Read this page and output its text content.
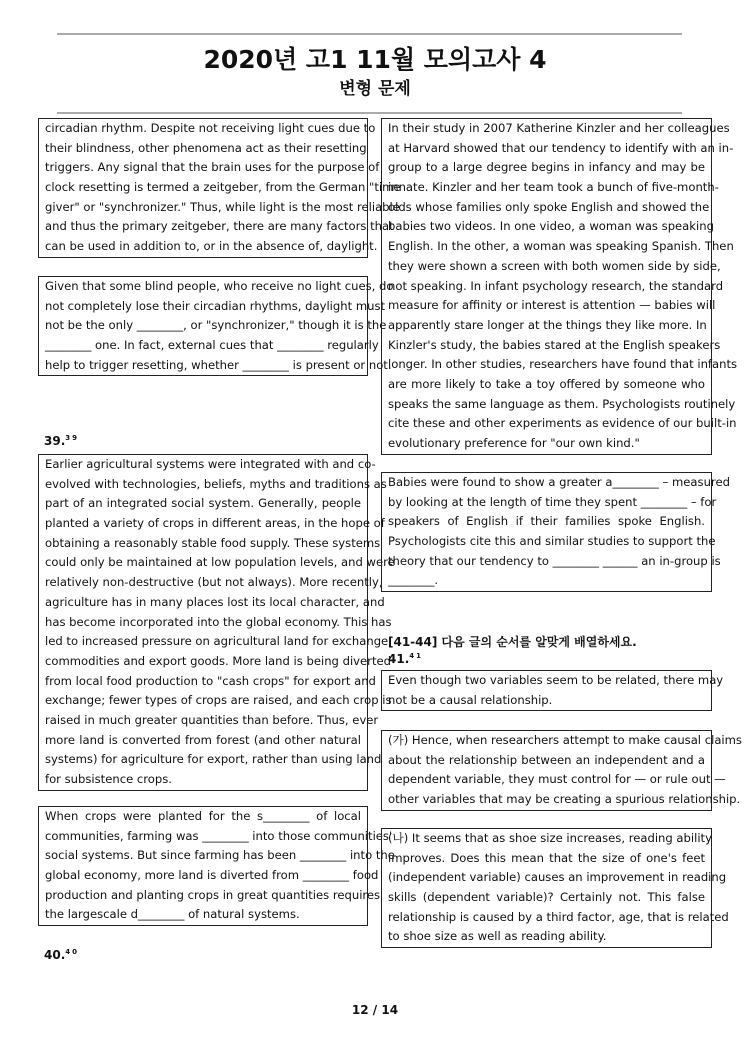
2020년 고1 11월 모의고사 4
변형 문제
circadian rhythm. Despite not receiving light cues due to
their blindness, other phenomena act as their resetting
triggers. Any signal that the brain uses for the purpose of
clock resetting is termed a zeitgeber, from the German "time
giver" or "synchronizer." Thus, while light is the most reliable
and thus the primary zeitgeber, there are many factors that
can be used in addition to, or in the absence of, daylight.
Given that some blind people, who receive no light cues, do
not completely lose their circadian rhythms, daylight must
not be the only ________, or "synchronizer," though it is the
________ one. In fact, external cues that ________ regularly
help to trigger resetting, whether ________ is present or not.
39.39
Earlier agricultural systems were integrated with and co-
evolved with technologies, beliefs, myths and traditions as
part of an integrated social system. Generally, people
planted a variety of crops in different areas, in the hope of
obtaining a reasonably stable food supply. These systems
could only be maintained at low population levels, and were
relatively non-destructive (but not always). More recently,
agriculture has in many places lost its local character, and
has become incorporated into the global economy. This has
led to increased pressure on agricultural land for exchange
commodities and export goods. More land is being diverted
from local food production to "cash crops" for export and
exchange; fewer types of crops are raised, and each crop is
raised in much greater quantities than before. Thus, ever
more land is converted from forest (and other natural
systems) for agriculture for export, rather than using land
for subsistence crops.
When crops were planted for the s________ of local
communities, farming was ________ into those communities'
social systems. But since farming has been ________ into the
global economy, more land is diverted from ________ food
production and planting crops in great quantities requires
the largescale d________ of natural systems.
40.40
In their study in 2007 Katherine Kinzler and her colleagues
at Harvard showed that our tendency to identify with an in-
group to a large degree begins in infancy and may be
innate. Kinzler and her team took a bunch of five-month-
olds whose families only spoke English and showed the
babies two videos. In one video, a woman was speaking
English. In the other, a woman was speaking Spanish. Then
they were shown a screen with both women side by side,
not speaking. In infant psychology research, the standard
measure for affinity or interest is attention — babies will
apparently stare longer at the things they like more. In
Kinzler's study, the babies stared at the English speakers
longer. In other studies, researchers have found that infants
are more likely to take a toy offered by someone who
speaks the same language as them. Psychologists routinely
cite these and other experiments as evidence of our built-in
evolutionary preference for "our own kind."
Babies were found to show a greater a________ – measured
by looking at the length of time they spent ________ – for
speakers of English if their families spoke English.
Psychologists cite this and similar studies to support the
theory that our tendency to ________ ______ an in-group is
________.
[41-44] 다음 글의 순서를 알맞게 배열하세요.
41.41
Even though two variables seem to be related, there may
not be a causal relationship.
(가) Hence, when researchers attempt to make causal claims
about the relationship between an independent and a
dependent variable, they must control for — or rule out —
other variables that may be creating a spurious relationship.
(나) It seems that as shoe size increases, reading ability
improves. Does this mean that the size of one's feet
(independent variable) causes an improvement in reading
skills (dependent variable)? Certainly not. This false
relationship is caused by a third factor, age, that is related
to shoe size as well as reading ability.
12 / 14
